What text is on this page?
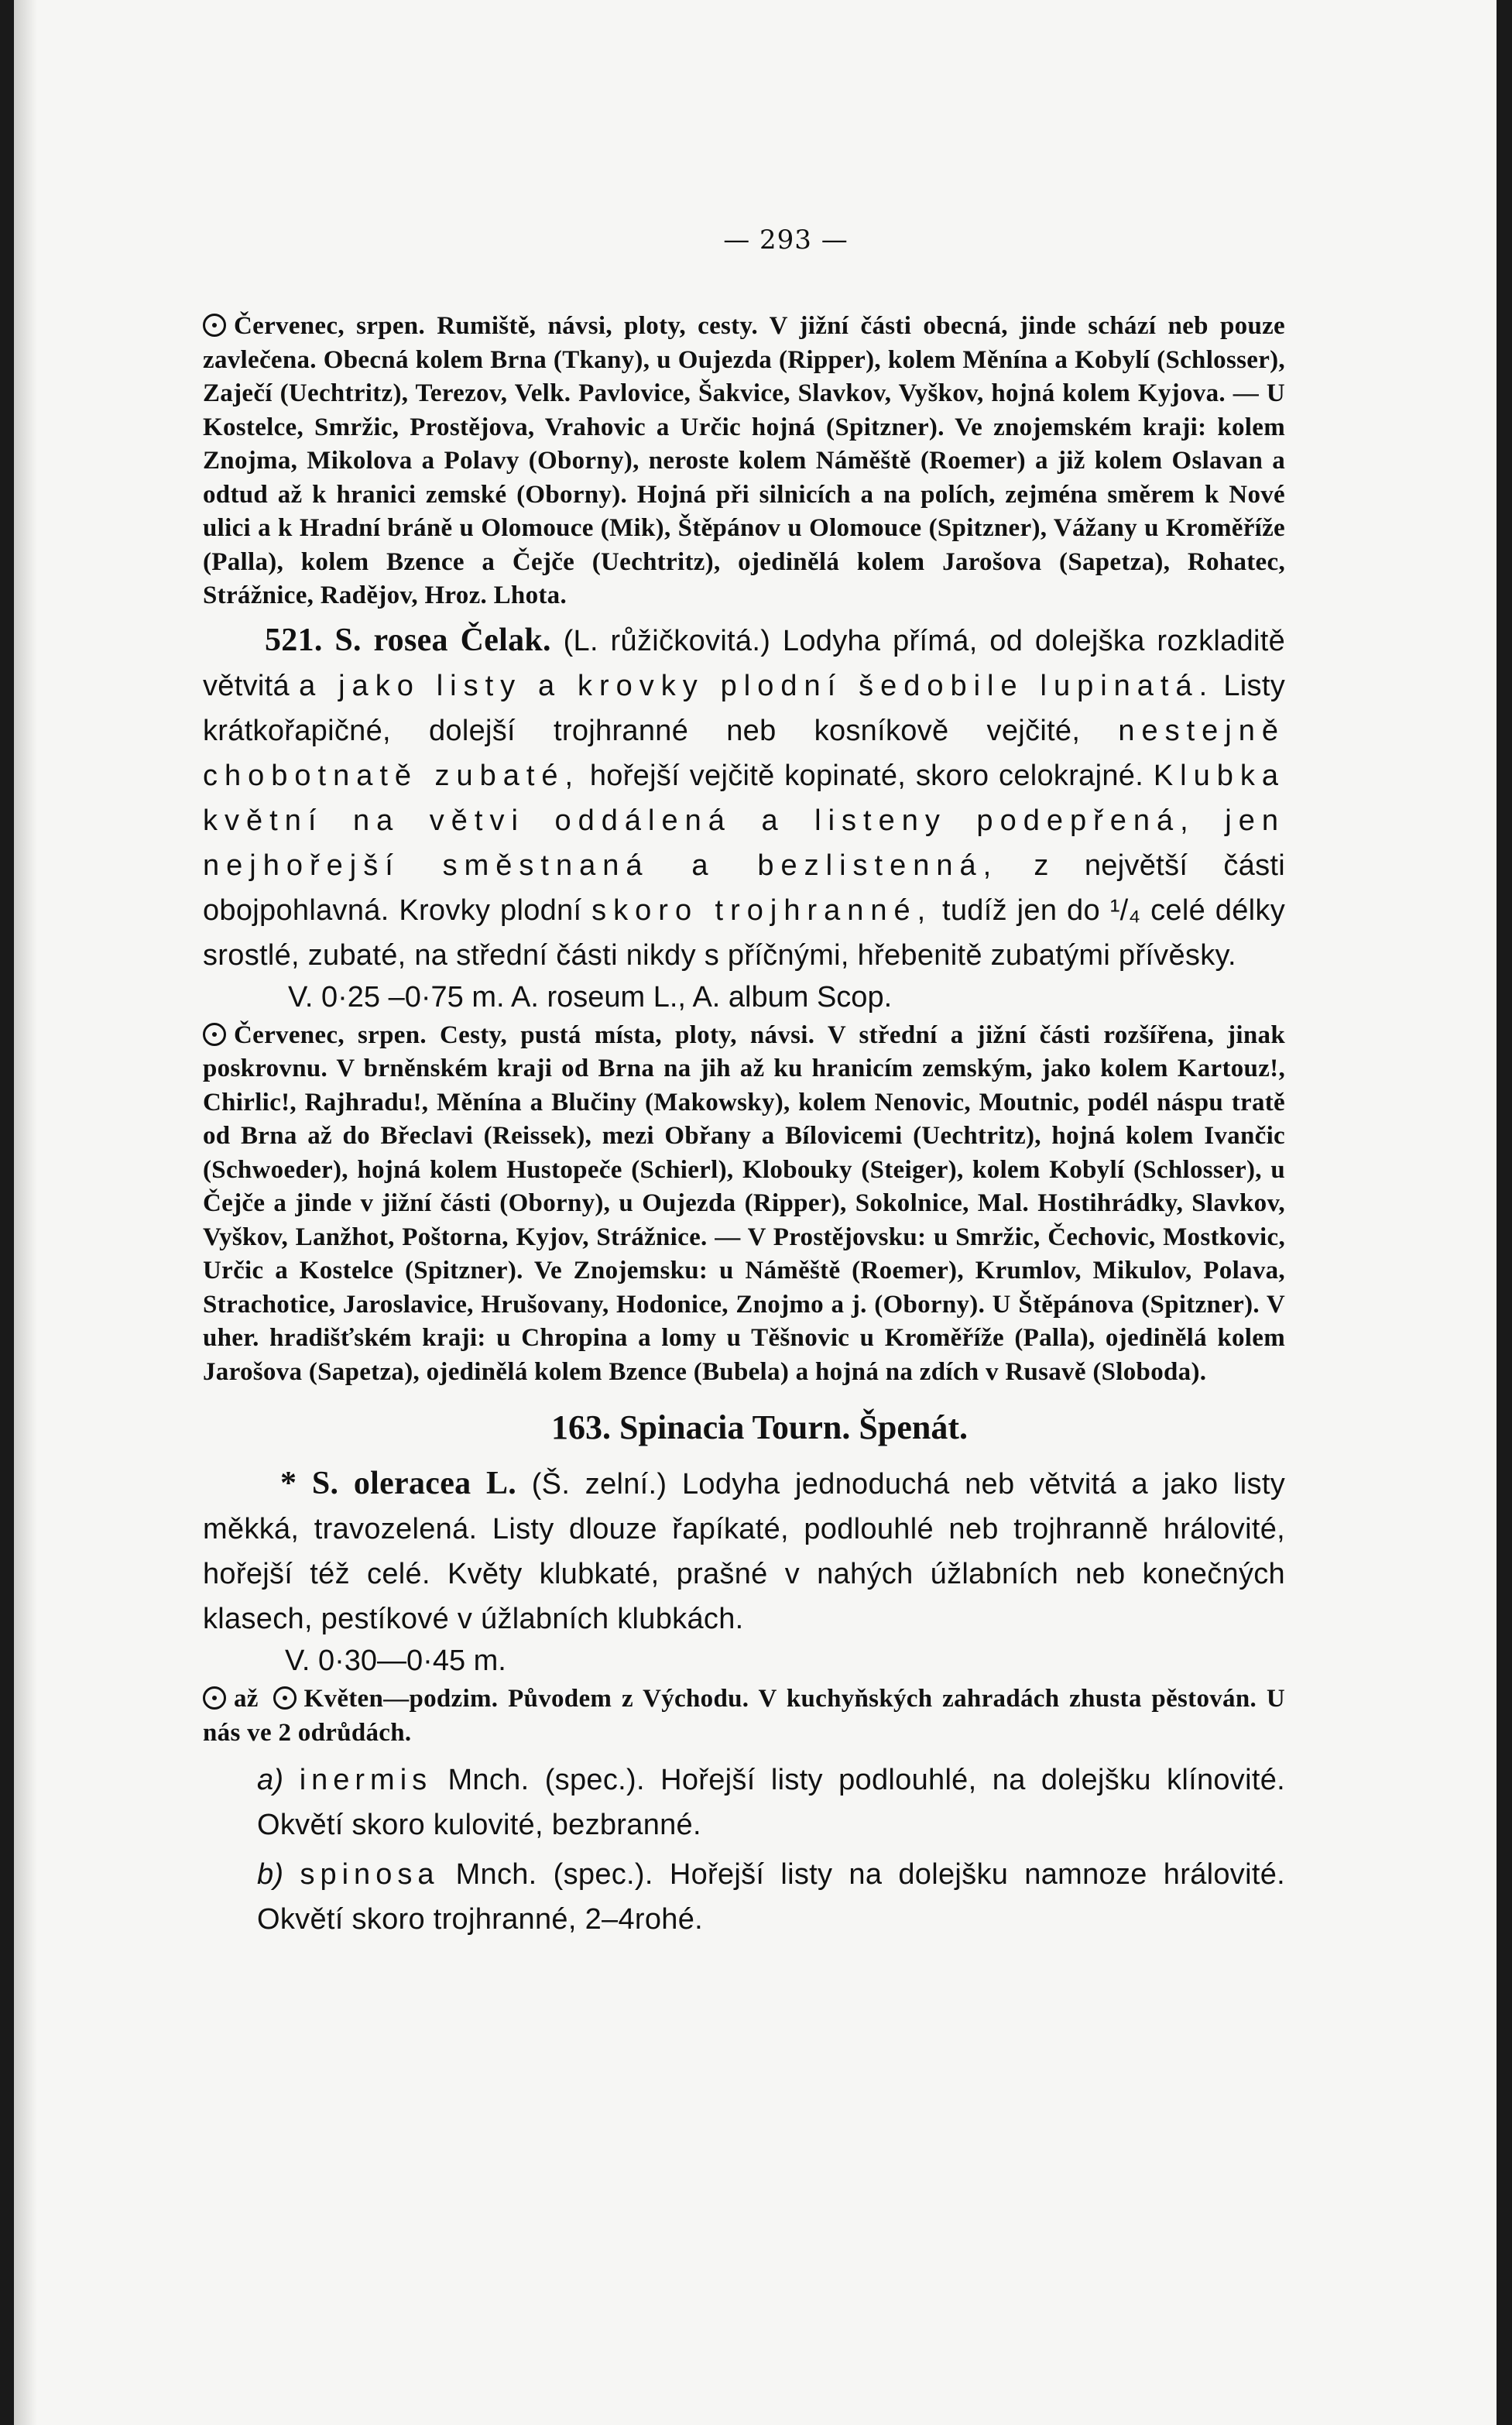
— 293 —

Červenec, srpen. Rumiště, návsi, ploty, cesty. V jižní části obecná, jinde schází neb pouze zavlečena. Obecná kolem Brna (Tkany), u Oujezda (Ripper), kolem Měnína a Kobylí (Schlosser), Zaječí (Uechtritz), Terezov, Velk. Pavlovice, Šakvice, Slavkov, Vyškov, hojná kolem Kyjova. — U Kostelce, Smržic, Prostějova, Vrahovic a Určic hojná (Spitzner). Ve znojemském kraji: kolem Znojma, Mikolova a Polavy (Oborny), neroste kolem Náměště (Roemer) a již kolem Oslavan a odtud až k hranici zemské (Oborny). Hojná při silnicích a na polích, zejména směrem k Nové ulici a k Hradní bráně u Olomouce (Mik), Štěpánov u Olomouce (Spitzner), Vážany u Kroměříže (Palla), kolem Bzence a Čejče (Uechtritz), ojedinělá kolem Jarošova (Sapetza), Rohatec, Strážnice, Radějov, Hroz. Lhota.

521. S. rosea Čelak. (L. růžičkovitá.) Lodyha přímá, od dolejška rozkladitě větvitá a jako listy a krovky plodní šedobile lupinatá. Listy krátkořapičné, dolejší trojhranné neb kosníkově vejčité, nestejně chobotnatě zubaté, hořejší vejčitě kopinaté, skoro celokrajné. Klubka květní na větvi oddálená a listeny podepřená, jen nejhořejší směstnaná a bezlistenná, z největší části obojpohlavná. Krovky plodní skoro trojhranné, tudíž jen do ¹/₄ celé délky srostlé, zubaté, na střední části nikdy s příčnými, hřebenitě zubatými přívěsky.

V. 0·25 –0·75 m. A. roseum L., A. album Scop.

Červenec, srpen. Cesty, pustá místa, ploty, návsi. V střední a jižní části rozšířena, jinak poskrovnu. V brněnském kraji od Brna na jih až ku hranicím zemským, jako kolem Kartouz!, Chirlic!, Rajhradu!, Měnína a Blučiny (Makowsky), kolem Nenovic, Moutnic, podél náspu tratě od Brna až do Břeclavi (Reissek), mezi Obřany a Bílovicemi (Uechtritz), hojná kolem Ivančic (Schwoeder), hojná kolem Hustopeče (Schierl), Klobouky (Steiger), kolem Kobylí (Schlosser), u Čejče a jinde v jižní části (Oborny), u Oujezda (Ripper), Sokolnice, Mal. Hostihrádky, Slavkov, Vyškov, Lanžhot, Poštorna, Kyjov, Strážnice. — V Prostějovsku: u Smržic, Čechovic, Mostkovic, Určic a Kostelce (Spitzner). Ve Znojemsku: u Náměště (Roemer), Krumlov, Mikulov, Polava, Strachotice, Jaroslavice, Hrušovany, Hodonice, Znojmo a j. (Oborny). U Štěpánova (Spitzner). V uher. hradišťském kraji: u Chropina a lomy u Těšnovic u Kroměříže (Palla), ojedinělá kolem Jarošova (Sapetza), ojedinělá kolem Bzence (Bubela) a hojná na zdích v Rusavě (Sloboda).

163. Spinacia Tourn. Špenát.

* S. oleracea L. (Š. zelní.) Lodyha jednoduchá neb větvitá a jako listy měkká, travozelená. Listy dlouze řapíkaté, podlouhlé neb trojhranně hrálovité, hořejší též celé. Květy klubkaté, prašné v nahých úžlabních neb konečných klasech, pestíkové v úžlabních klubkách.

V. 0·30—0·45 m.

až Květen—podzim. Původem z Východu. V kuchyňských zahradách zhusta pěstován. U nás ve 2 odrůdách.

a) inermis Mnch. (spec.). Hořejší listy podlouhlé, na dolejšku klínovité. Okvětí skoro kulovité, bezbranné.

b) spinosa Mnch. (spec.). Hořejší listy na dolejšku namnoze hrálovité. Okvětí skoro trojhranné, 2–4rohé.
